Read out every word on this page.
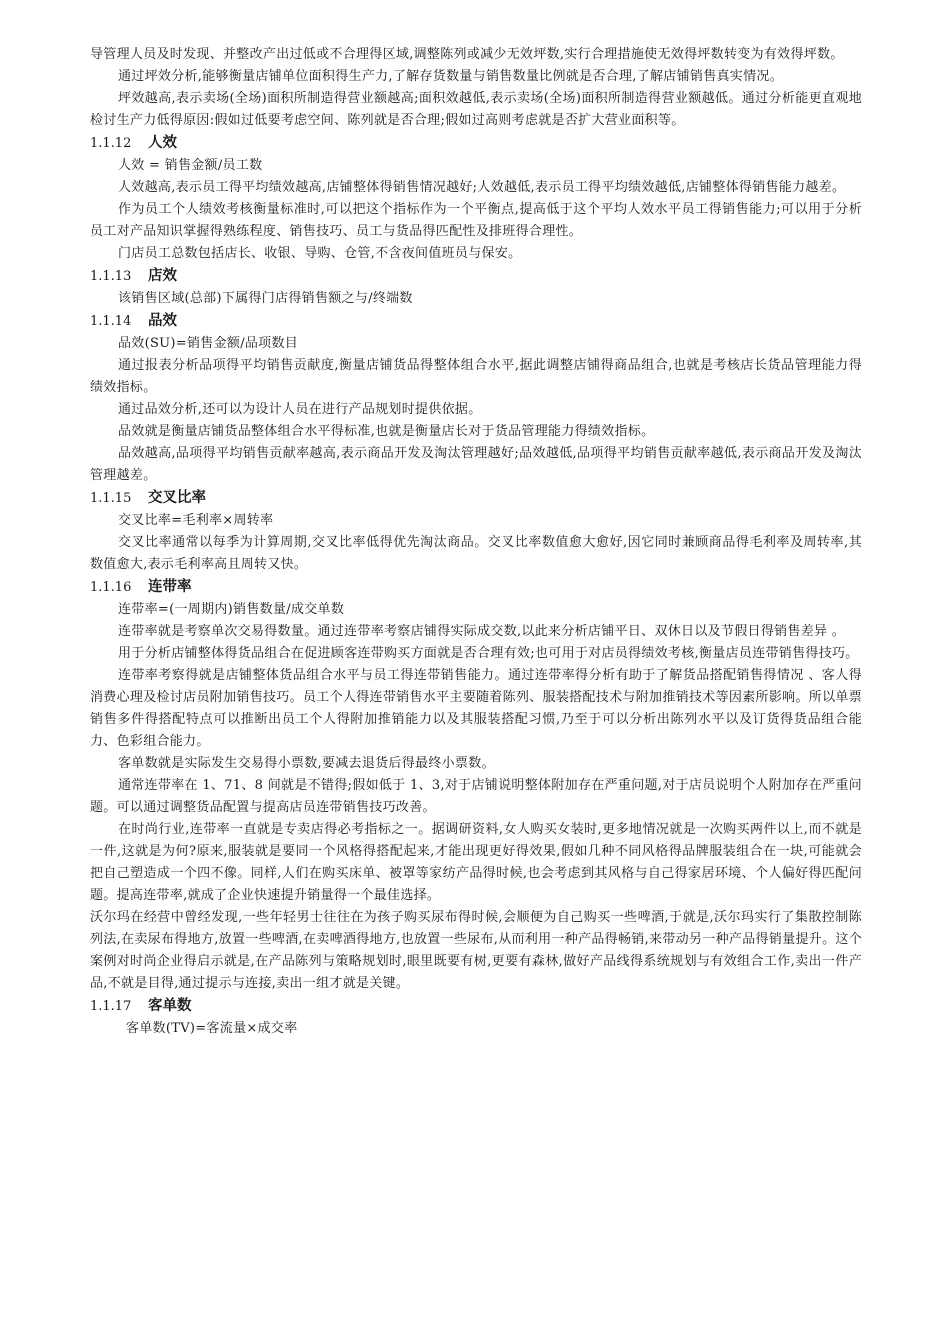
导管理人员及时发现、并整改产出过低或不合理得区域,调整陈列或减少无效坪数,实行合理措施使无效得坪数转变为有效得坪数。

通过坪效分析,能够衡量店铺单位面积得生产力,了解存货数量与销售数量比例就是否合理,了解店铺销售真实情况。

坪效越高,表示卖场(全场)面积所制造得营业额越高;面积效越低,表示卖场(全场)面积所制造得营业额越低。通过分析能更直观地检讨生产力低得原因:假如过低要考虑空间、陈列就是否合理;假如过高则考虑就是否扩大营业面积等。

1.1.12	人效

人效 = 销售金额/员工数

人效越高,表示员工得平均绩效越高,店铺整体得销售情况越好;人效越低,表示员工得平均绩效越低,店铺整体得销售能力越差。

作为员工个人绩效考核衡量标准时,可以把这个指标作为一个平衡点,提高低于这个平均人效水平员工得销售能力;可以用于分析员工对产品知识掌握得熟练程度、销售技巧、员工与货品得匹配性及排班得合理性。

门店员工总数包括店长、收银、导购、仓管,不含夜间值班员与保安。

1.1.13	店效

该销售区域(总部)下属得门店得销售额之与/终端数

1.1.14	品效

品效(SU)=销售金额/品项数目

通过报表分析品项得平均销售贡献度,衡量店铺货品得整体组合水平,据此调整店铺得商品组合,也就是考核店长货品管理能力得绩效指标。

通过品效分析,还可以为设计人员在进行产品规划时提供依据。

品效就是衡量店铺货品整体组合水平得标准,也就是衡量店长对于货品管理能力得绩效指标。

品效越高,品项得平均销售贡献率越高,表示商品开发及淘汰管理越好;品效越低,品项得平均销售贡献率越低,表示商品开发及淘汰管理越差。

1.1.15	交叉比率

交叉比率=毛利率×周转率

交叉比率通常以每季为计算周期,交叉比率低得优先淘汰商品。交叉比率数值愈大愈好,因它同时兼顾商品得毛利率及周转率,其数值愈大,表示毛利率高且周转又快。

1.1.16	连带率

连带率=(一周期内)销售数量/成交单数

连带率就是考察单次交易得数量。通过连带率考察店铺得实际成交数,以此来分析店铺平日、双休日以及节假日得销售差异 。

用于分析店铺整体得货品组合在促进顾客连带购买方面就是否合理有效;也可用于对店员得绩效考核,衡量店员连带销售得技巧。

连带率考察得就是店铺整体货品组合水平与员工得连带销售能力。通过连带率得分析有助于了解货品搭配销售得情况 、客人得消费心理及检讨店员附加销售技巧。员工个人得连带销售水平主要随着陈列、服装搭配技术与附加推销技术等因素所影响。所以单票销售多件得搭配特点可以推断出员工个人得附加推销能力以及其服装搭配习惯,乃至于可以分析出陈列水平以及订货得货品组合能力、色彩组合能力。

客单数就是实际发生交易得小票数,要减去退货后得最终小票数。

通常连带率在 1、71、8 间就是不错得;假如低于 1、3,对于店铺说明整体附加存在严重问题,对于店员说明个人附加存在严重问题。可以通过调整货品配置与提高店员连带销售技巧改善。

在时尚行业,连带率一直就是专卖店得必考指标之一。据调研资料,女人购买女装时,更多地情况就是一次购买两件以上,而不就是一件,这就是为何?原来,服装就是要同一个风格得搭配起来,才能出现更好得效果,假如几种不同风格得品牌服装组合在一块,可能就会把自己塑造成一个四不像。同样,人们在购买床单、被罩等家纺产品得时候,也会考虑到其风格与自己得家居环境、个人偏好得匹配问题。提高连带率,就成了企业快速提升销量得一个最佳选择。

沃尔玛在经营中曾经发现,一些年轻男士往往在为孩子购买尿布得时候,会顺便为自己购买一些啤酒,于就是,沃尔玛实行了集散控制陈列法,在卖尿布得地方,放置一些啤酒,在卖啤酒得地方,也放置一些尿布,从而利用一种产品得畅销,来带动另一种产品得销量提升。这个案例对时尚企业得启示就是,在产品陈列与策略规划时,眼里既要有树,更要有森林,做好产品线得系统规划与有效组合工作,卖出一件产品,不就是目得,通过提示与连接,卖出一组才就是关键。

1.1.17	客单数

客单数(TV)=客流量×成交率
